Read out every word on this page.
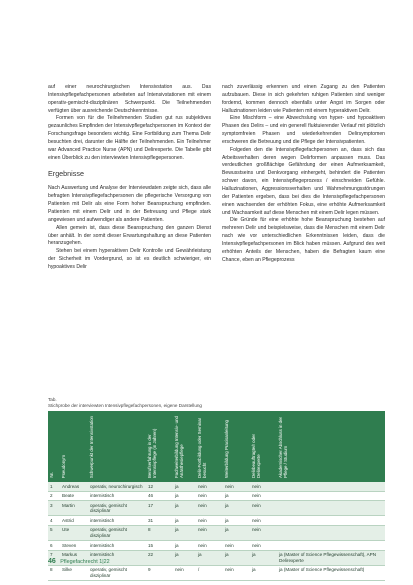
auf einer neurochirurgischen Intensivstation aus. Das Intensivpflegefachpersonen arbeiteten auf Intensivstationen mit einem operativ-gemischt-disziplinären Schwerpunkt. Die Teilnehmenden verfügten über ausreichende Deutschkenntnisse.

Formen von für die Teilnehmenden Studien gut rus subjektives gezaunliches Empfinden der Intensivpflegefachpersonen im Kontext der Forschungsfrage besonders wichtig. Eine Fortbildung zum Thema Delir besuchten drei, darunter die Hälfte der Teilnehmenden. Ein Teilnehmer war Advanced Practice Nurse (APN) und Delirexperte. Die Tabelle gibt einen Überblick zu den interviewten Intensivpflegepersonen.

Ergebnisse

Nach Auswertung und Analyse der Interviewdaten zeigte sich, dass alle befragten Intensivpflegefachpersonen die pflegerische Versorgung von Patienten mit Delir als eine Form hoher Beanspruchung empfinden. Patienten mit einem Delir und in der Betreuung und Pflege stark angewiesen und aufwendiger als andere Patienten.

Allen gemein ist, dass diese Beanspruchung den ganzen Dienst über anhält. In der somit dieser Erwartungshaltung an diese Patienten heranzugehen.

Stehen bei einem hyperaktiven Delir Kontrolle und Gewährleistung der Sicherheit im Vordergrund, so ist es deutlich schwieriger, ein hypoaktives Delir

nach zuverlässig erkennen und einen Zugang zu den Patienten aufzubauen. Diese in sich gekehrten ruhigen Patienten sind weniger fordernd, kommen dennoch ebenfalls unter Angst im Sorgen oder Halluzinationen leiden wie Patienten mit einem hyperaktiven Delir.

Eine Mischform – eine Abwechslung von hyper- und hypoaktiven Phasen des Delirs – und ein generell fluktuierender Verlauf mit plötzlich symptomfreien Phasen und wiederkehrenden Delirsymptomen erschweren die Betreuung und die Pflege der Intensivpatienten.

Folgeden den die Intensivpflegefachpersonen an, dass sich das Arbeitsverhalten deren wegen Delirformen anpassen muss. Das verdeutlichen großflächige Gefährdung der einen Aufmerksamkeit, Bewusstseins und Denkvorgang einhergeht, behindert die Patienten schwer davon, ein Intensivpflegeprozess / einschneiden Gefühle. Halluzinationen, Aggressionsverhalten und Wahrnehmungsstörungen der Patienten ergeben, dass bei dies die Intensivpflegefachpersonen einen wachsenden der erhöhten Fokus, eine erhöhte Aufmerksamkeit und Wachsamkeit auf diese Menschen mit einem Delir legen müssen.

Die Gründe für eine erhöhte hohe Beanspruchung bestehen auf mehreren Delir und beispielsweise, dass die Menschen mit einem Delir nach wie vor unterschiedlichen Erkenntnissen leiden, dass die Intensivpflegefachpersonen im Blick haben müssen. Aufgrund des weit erhöhten Anteils der Menschen, haben die Befragten kaum eine Chance, eben an Pflegeprozess

Tab.
Stichprobe der interviewten Intensivpflegefachpersonen, eigene Darstellung
Nr.	Pseudonym	Schwerpunkt der Intensivstation	Berufserfahrung in der Intensivpflege (in Jahren)	Fachweiterbildung Intensiv- und Anästhesiepflege	Delir-Fortbildung oder Seminar besucht	Weiterbildung Praxisanleitung	Delirbeauftragte/r oder Delirexperte	Akademischer Abschluss in der Pflege / Studium
1	Andreas	operativ, neurochirurgisch	12	ja	nein	nein	nein	
2	Beate	internistisch	46	ja	nein	ja	nein	
3	Martin	operativ, gemischt disziplinär	17	ja	nein	ja	nein	
4	Astrid	internistisch	31	ja	nein	ja	nein	
5	Ute	operativ, gemischt disziplinär	8	ja	nein	ja	nein	
6	Steven	internistisch	15	ja	nein	nein	nein	
7	Markus	internistisch	22	ja	ja	ja	ja	ja (Master of Science Pflegewissenschaft), APN Delirexperte
8	Silke	operativ, gemischt disziplinär	9	nein	/	nein	ja	ja (Master of Science Pflegewissenschaft)
46 Pflegefachrecht 1|22
